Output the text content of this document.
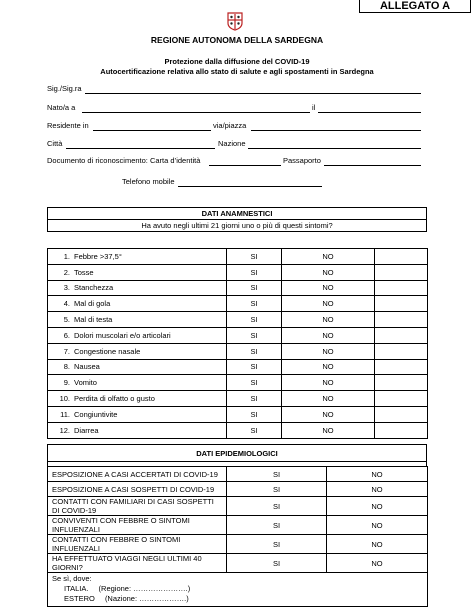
ALLEGATO A
REGIONE AUTONOMA DELLA SARDEGNA
Protezione dalla diffusione del COVID-19
Autocertificazione relativa allo stato di salute e agli spostamenti in Sardegna
Sig./Sig.ra
Nato/a a	il
Residente in	via/piazza
Città	Nazione
Documento di riconoscimento: Carta d’identità	Passaporto
Telefono mobile
DATI ANAMNESTICI
Ha avuto negli ultimi 21 giorni uno o più di questi sintomi?
1. Febbre >37,5°	SI	NO	
2. Tosse	SI	NO	
3. Stanchezza	SI	NO	
4. Mal di gola	SI	NO	
5. Mal di testa	SI	NO	
6. Dolori muscolari e/o articolari	SI	NO	
7. Congestione nasale	SI	NO	
8. Nausea	SI	NO	
9. Vomito	SI	NO	
10. Perdita di olfatto o gusto	SI	NO	
11. Congiuntivite	SI	NO	
12. Diarrea	SI	NO	
DATI EPIDEMIOLOGICI
ESPOSIZIONE A CASI ACCERTATI DI COVID-19	SI	NO
ESPOSIZIONE A CASI SOSPETTI DI COVID-19	SI	NO
CONTATTI CON FAMILIARI DI CASI SOSPETTI DI COVID-19	SI	NO
CONVIVENTI CON FEBBRE O SINTOMI INFLUENZALI	SI	NO
CONTATTI CON FEBBRE O SINTOMI INFLUENZALI	SI	NO
HA EFFETTUATO VIAGGI NEGLI ULTIMI 40 GIORNI?	SI	NO

Se sì, dove:
ITALIA. (Regione: ………………….)
ESTERO (Nazione: ……………….)		
